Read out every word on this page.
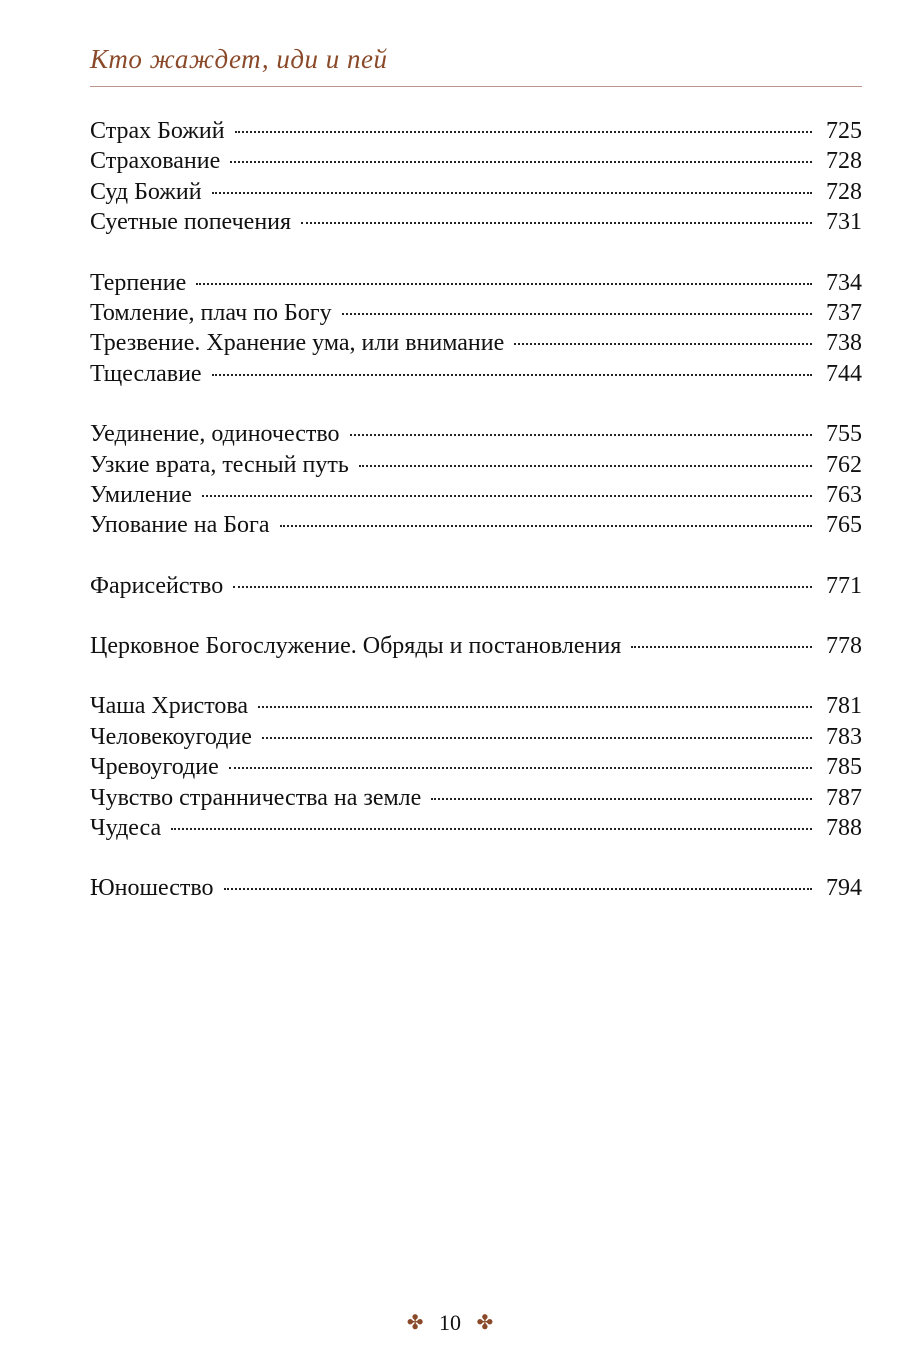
Кто жаждет, иди и пей
Страх Божий	725
Страхование	728
Суд Божий	728
Суетные попечения	731
Терпение	734
Томление, плач по Богу	737
Трезвение. Хранение ума, или внимание	738
Тщеславие	744
Уединение, одиночество	755
Узкие врата, тесный путь	762
Умиление	763
Упование на Бога	765
Фарисейство	771
Церковное Богослужение. Обряды и постановления	778
Чаша Христова	781
Человекоугодие	783
Чревоугодие	785
Чувство странничества на земле	787
Чудеса	788
Юношество	794
✤ 10 ✤
